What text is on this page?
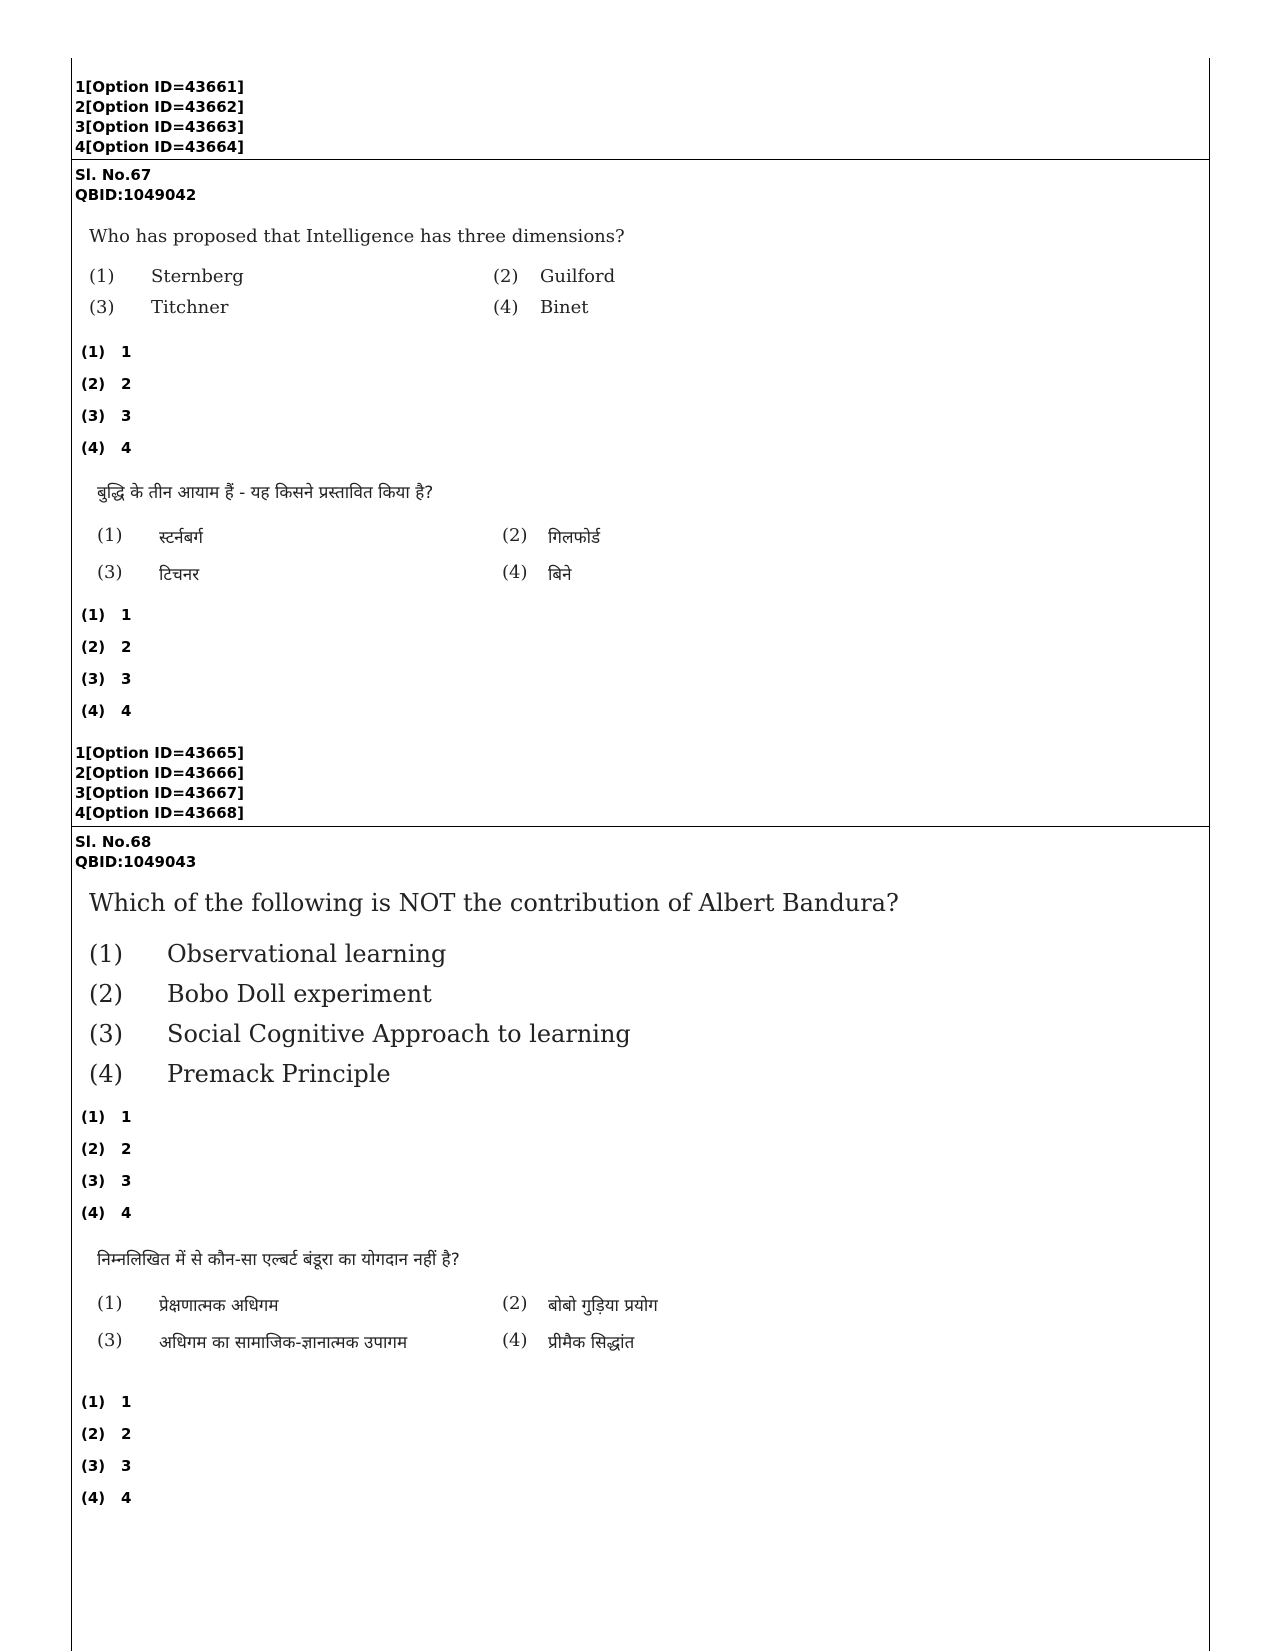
1[Option ID=43661]
2[Option ID=43662]
3[Option ID=43663]
4[Option ID=43664]
Sl. No.67
QBID:1049042
Who has proposed that Intelligence has three dimensions?
(1) Sternberg	(2) Guilford
(3) Titchner	(4) Binet
(1) 1
(2) 2
(3) 3
(4) 4
बुद्धि के तीन आयाम हैं - यह किसने प्रस्तावित किया है?
(1) स्टर्नबर्ग	(2) गिलफोर्ड
(3) टिचनर	(4) बिने
(1) 1
(2) 2
(3) 3
(4) 4
1[Option ID=43665]
2[Option ID=43666]
3[Option ID=43667]
4[Option ID=43668]
Sl. No.68
QBID:1049043
Which of the following is NOT the contribution of Albert Bandura?
(1) Observational learning
(2) Bobo Doll experiment
(3) Social Cognitive Approach to learning
(4) Premack Principle
(1) 1
(2) 2
(3) 3
(4) 4
निम्नलिखित में से कौन-सा एल्बर्ट बंडूरा का योगदान नहीं है?
(1) प्रेक्षणात्मक अधिगम	(2) बोबो गुड़िया प्रयोग
(3) अधिगम का सामाजिक-ज्ञानात्मक उपागम	(4) प्रीमैक सिद्धांत
(1) 1
(2) 2
(3) 3
(4) 4
